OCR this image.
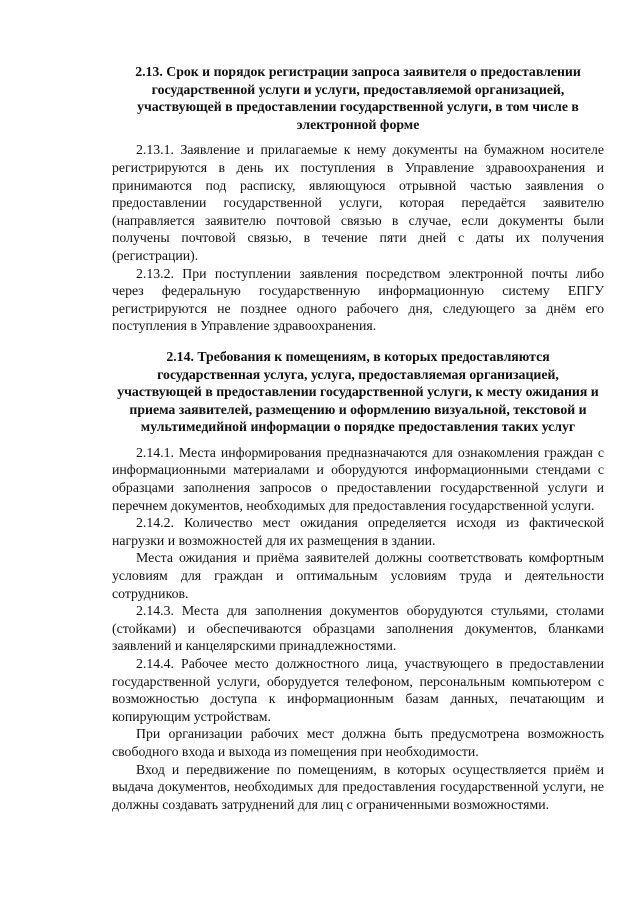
2.13. Срок и порядок регистрации запроса заявителя о предоставлении государственной услуги и услуги, предоставляемой организацией, участвующей в предоставлении государственной услуги, в том числе в электронной форме

2.13.1. Заявление и прилагаемые к нему документы на бумажном носителе регистрируются в день их поступления в Управление здравоохранения и принимаются под расписку, являющуюся отрывной частью заявления о предоставлении государственной услуги, которая передаётся заявителю (направляется заявителю почтовой связью в случае, если документы были получены почтовой связью, в течение пяти дней с даты их получения (регистрации).

2.13.2. При поступлении заявления посредством электронной почты либо через федеральную государственную информационную систему ЕПГУ регистрируются не позднее одного рабочего дня, следующего за днём его поступления в Управление здравоохранения.

2.14. Требования к помещениям, в которых предоставляются государственная услуга, услуга, предоставляемая организацией, участвующей в предоставлении государственной услуги, к месту ожидания и приема заявителей, размещению и оформлению визуальной, текстовой и мультимедийной информации о порядке предоставления таких услуг

2.14.1. Места информирования предназначаются для ознакомления граждан с информационными материалами и оборудуются информационными стендами с образцами заполнения запросов о предоставлении государственной услуги и перечнем документов, необходимых для предоставления государственной услуги.

2.14.2. Количество мест ожидания определяется исходя из фактической нагрузки и возможностей для их размещения в здании.

Места ожидания и приёма заявителей должны соответствовать комфортным условиям для граждан и оптимальным условиям труда и деятельности сотрудников.

2.14.3. Места для заполнения документов оборудуются стульями, столами (стойками) и обеспечиваются образцами заполнения документов, бланками заявлений и канцелярскими принадлежностями.

2.14.4. Рабочее место должностного лица, участвующего в предоставлении государственной услуги, оборудуется телефоном, персональным компьютером с возможностью доступа к информационным базам данных, печатающим и копирующим устройствам.

При организации рабочих мест должна быть предусмотрена возможность свободного входа и выхода из помещения при необходимости.

Вход и передвижение по помещениям, в которых осуществляется приём и выдача документов, необходимых для предоставления государственной услуги, не должны создавать затруднений для лиц с ограниченными возможностями.
